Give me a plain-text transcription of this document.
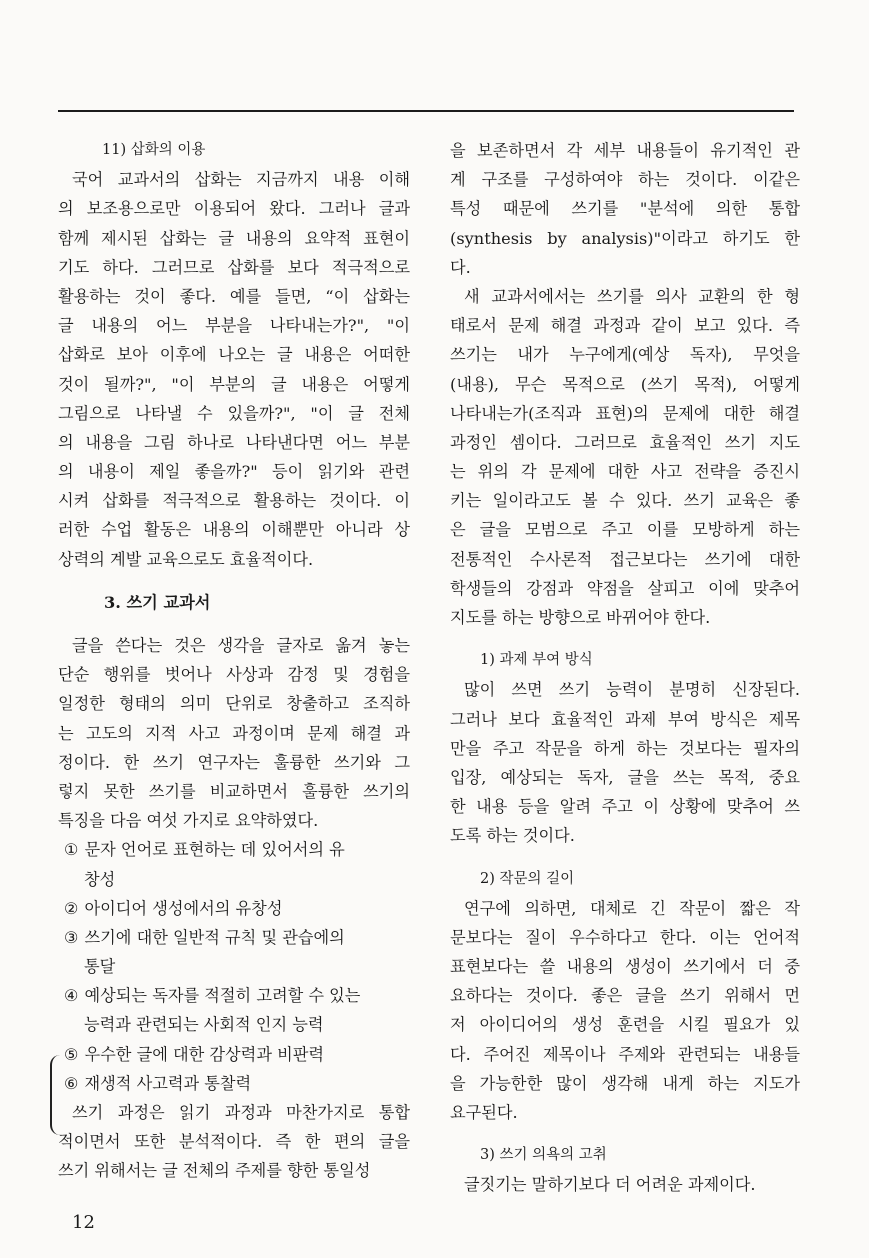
11) 삽화의 이용
국어 교과서의 삽화는 지금까지 내용 이해
의 보조용으로만 이용되어 왔다. 그러나 글과
함께 제시된 삽화는 글 내용의 요약적 표현이
기도 하다. 그러므로 삽화를 보다 적극적으로
활용하는 것이 좋다. 예를 들면, “이 삽화는
글 내용의 어느 부분을 나타내는가?", "이
삽화로 보아 이후에 나오는 글 내용은 어떠한
것이 될까?", "이 부분의 글 내용은 어떻게
그림으로 나타낼 수 있을까?", "이 글 전체
의 내용을 그림 하나로 나타낸다면 어느 부분
의 내용이 제일 좋을까?" 등이 읽기와 관련
시켜 삽화를 적극적으로 활용하는 것이다. 이
러한 수업 활동은 내용의 이해뿐만 아니라 상
상력의 계발 교육으로도 효율적이다.
3. 쓰기 교과서
글을 쓴다는 것은 생각을 글자로 옮겨 놓는
단순 행위를 벗어나 사상과 감정 및 경험을
일정한 형태의 의미 단위로 창출하고 조직하
는 고도의 지적 사고 과정이며 문제 해결 과
정이다. 한 쓰기 연구자는 훌륭한 쓰기와 그
렇지 못한 쓰기를 비교하면서 훌륭한 쓰기의
특징을 다음 여섯 가지로 요약하였다.
① 문자 언어로 표현하는 데 있어서의 유
창성
② 아이디어 생성에서의 유창성
③ 쓰기에 대한 일반적 규칙 및 관습에의
통달
④ 예상되는 독자를 적절히 고려할 수 있는
능력과 관련되는 사회적 인지 능력
⑤ 우수한 글에 대한 감상력과 비판력
⑥ 재생적 사고력과 통찰력
쓰기 과정은 읽기 과정과 마찬가지로 통합
적이면서 또한 분석적이다. 즉 한 편의 글을
쓰기 위해서는 글 전체의 주제를 향한 통일성
을 보존하면서 각 세부 내용들이 유기적인 관
계 구조를 구성하여야 하는 것이다. 이같은
특성 때문에 쓰기를 "분석에 의한 통합
(synthesis by analysis)"이라고 하기도 한
다.
새 교과서에서는 쓰기를 의사 교환의 한 형
태로서 문제 해결 과정과 같이 보고 있다. 즉
쓰기는 내가 누구에게(예상 독자), 무엇을
(내용), 무슨 목적으로 (쓰기 목적), 어떻게
나타내는가(조직과 표현)의 문제에 대한 해결
과정인 셈이다. 그러므로 효율적인 쓰기 지도
는 위의 각 문제에 대한 사고 전략을 증진시
키는 일이라고도 볼 수 있다. 쓰기 교육은 좋
은 글을 모범으로 주고 이를 모방하게 하는
전통적인 수사론적 접근보다는 쓰기에 대한
학생들의 강점과 약점을 살피고 이에 맞추어
지도를 하는 방향으로 바뀌어야 한다.
1) 과제 부여 방식
많이 쓰면 쓰기 능력이 분명히 신장된다.
그러나 보다 효율적인 과제 부여 방식은 제목
만을 주고 작문을 하게 하는 것보다는 필자의
입장, 예상되는 독자, 글을 쓰는 목적, 중요
한 내용 등을 알려 주고 이 상황에 맞추어 쓰
도록 하는 것이다.
2) 작문의 길이
연구에 의하면, 대체로 긴 작문이 짧은 작
문보다는 질이 우수하다고 한다. 이는 언어적
표현보다는 쓸 내용의 생성이 쓰기에서 더 중
요하다는 것이다. 좋은 글을 쓰기 위해서 먼
저 아이디어의 생성 훈련을 시킬 필요가 있
다. 주어진 제목이나 주제와 관련되는 내용들
을 가능한한 많이 생각해 내게 하는 지도가
요구된다.
3) 쓰기 의욕의 고취
글짓기는 말하기보다 더 어려운 과제이다.
12
